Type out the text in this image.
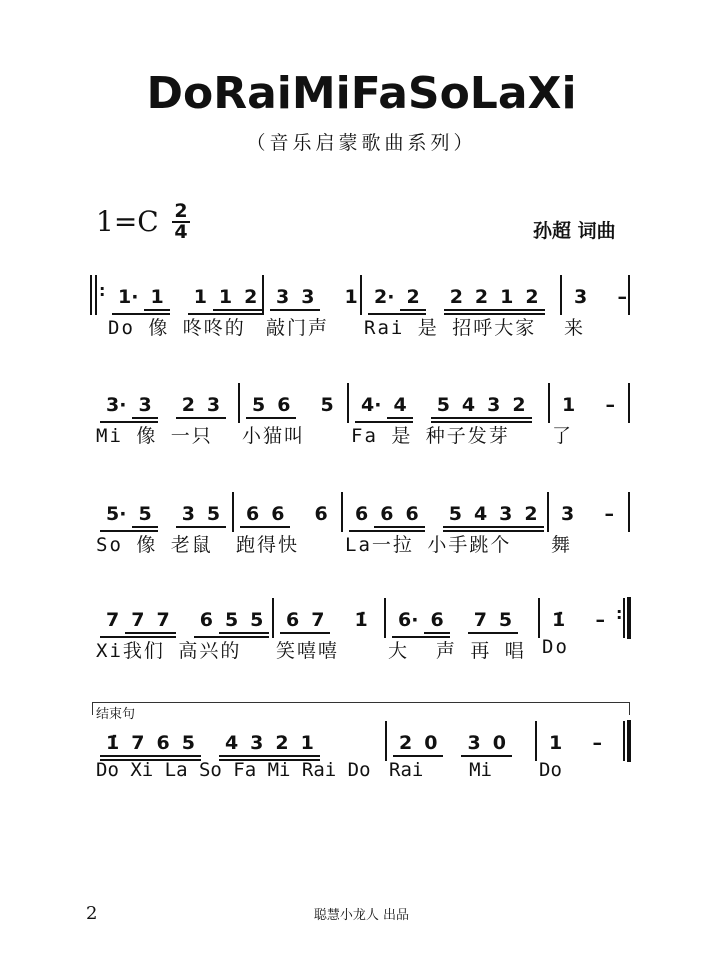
DoRaiMiFaSoLaXi
（音乐启蒙歌曲系列）
1=C 2
4	孙超 词曲
: 1· 1	1 1 2
Do 像 咚咚的
3 3	1
敲门声
2· 2	2 2 1 2
Rai 是 招呼大家
3	–
来
3· 3	2 3
Mi 像 一只
5 6	5
小猫叫
4· 4	5 4 3 2
Fa 是 种子发芽
1	–
了
5· 5	3 5
So 像 老鼠
6 6	6
跑得快
6 6 6	5 4 3 2
La一拉 小手跳个
3	–
舞
:
7 7 7	6 5 5
Xi我们 高兴的
6 7	1̇
笑嘻嘻
6· 6	7 5
大  声 再 唱
1̇	–
Do
1̇ 7 6 5	4 3 2 1
Do Xi La So Fa Mi Rai Do
2 0	3 0
Rai    Mi
1	–
Do
结束句
2	聪慧小龙人 出品
